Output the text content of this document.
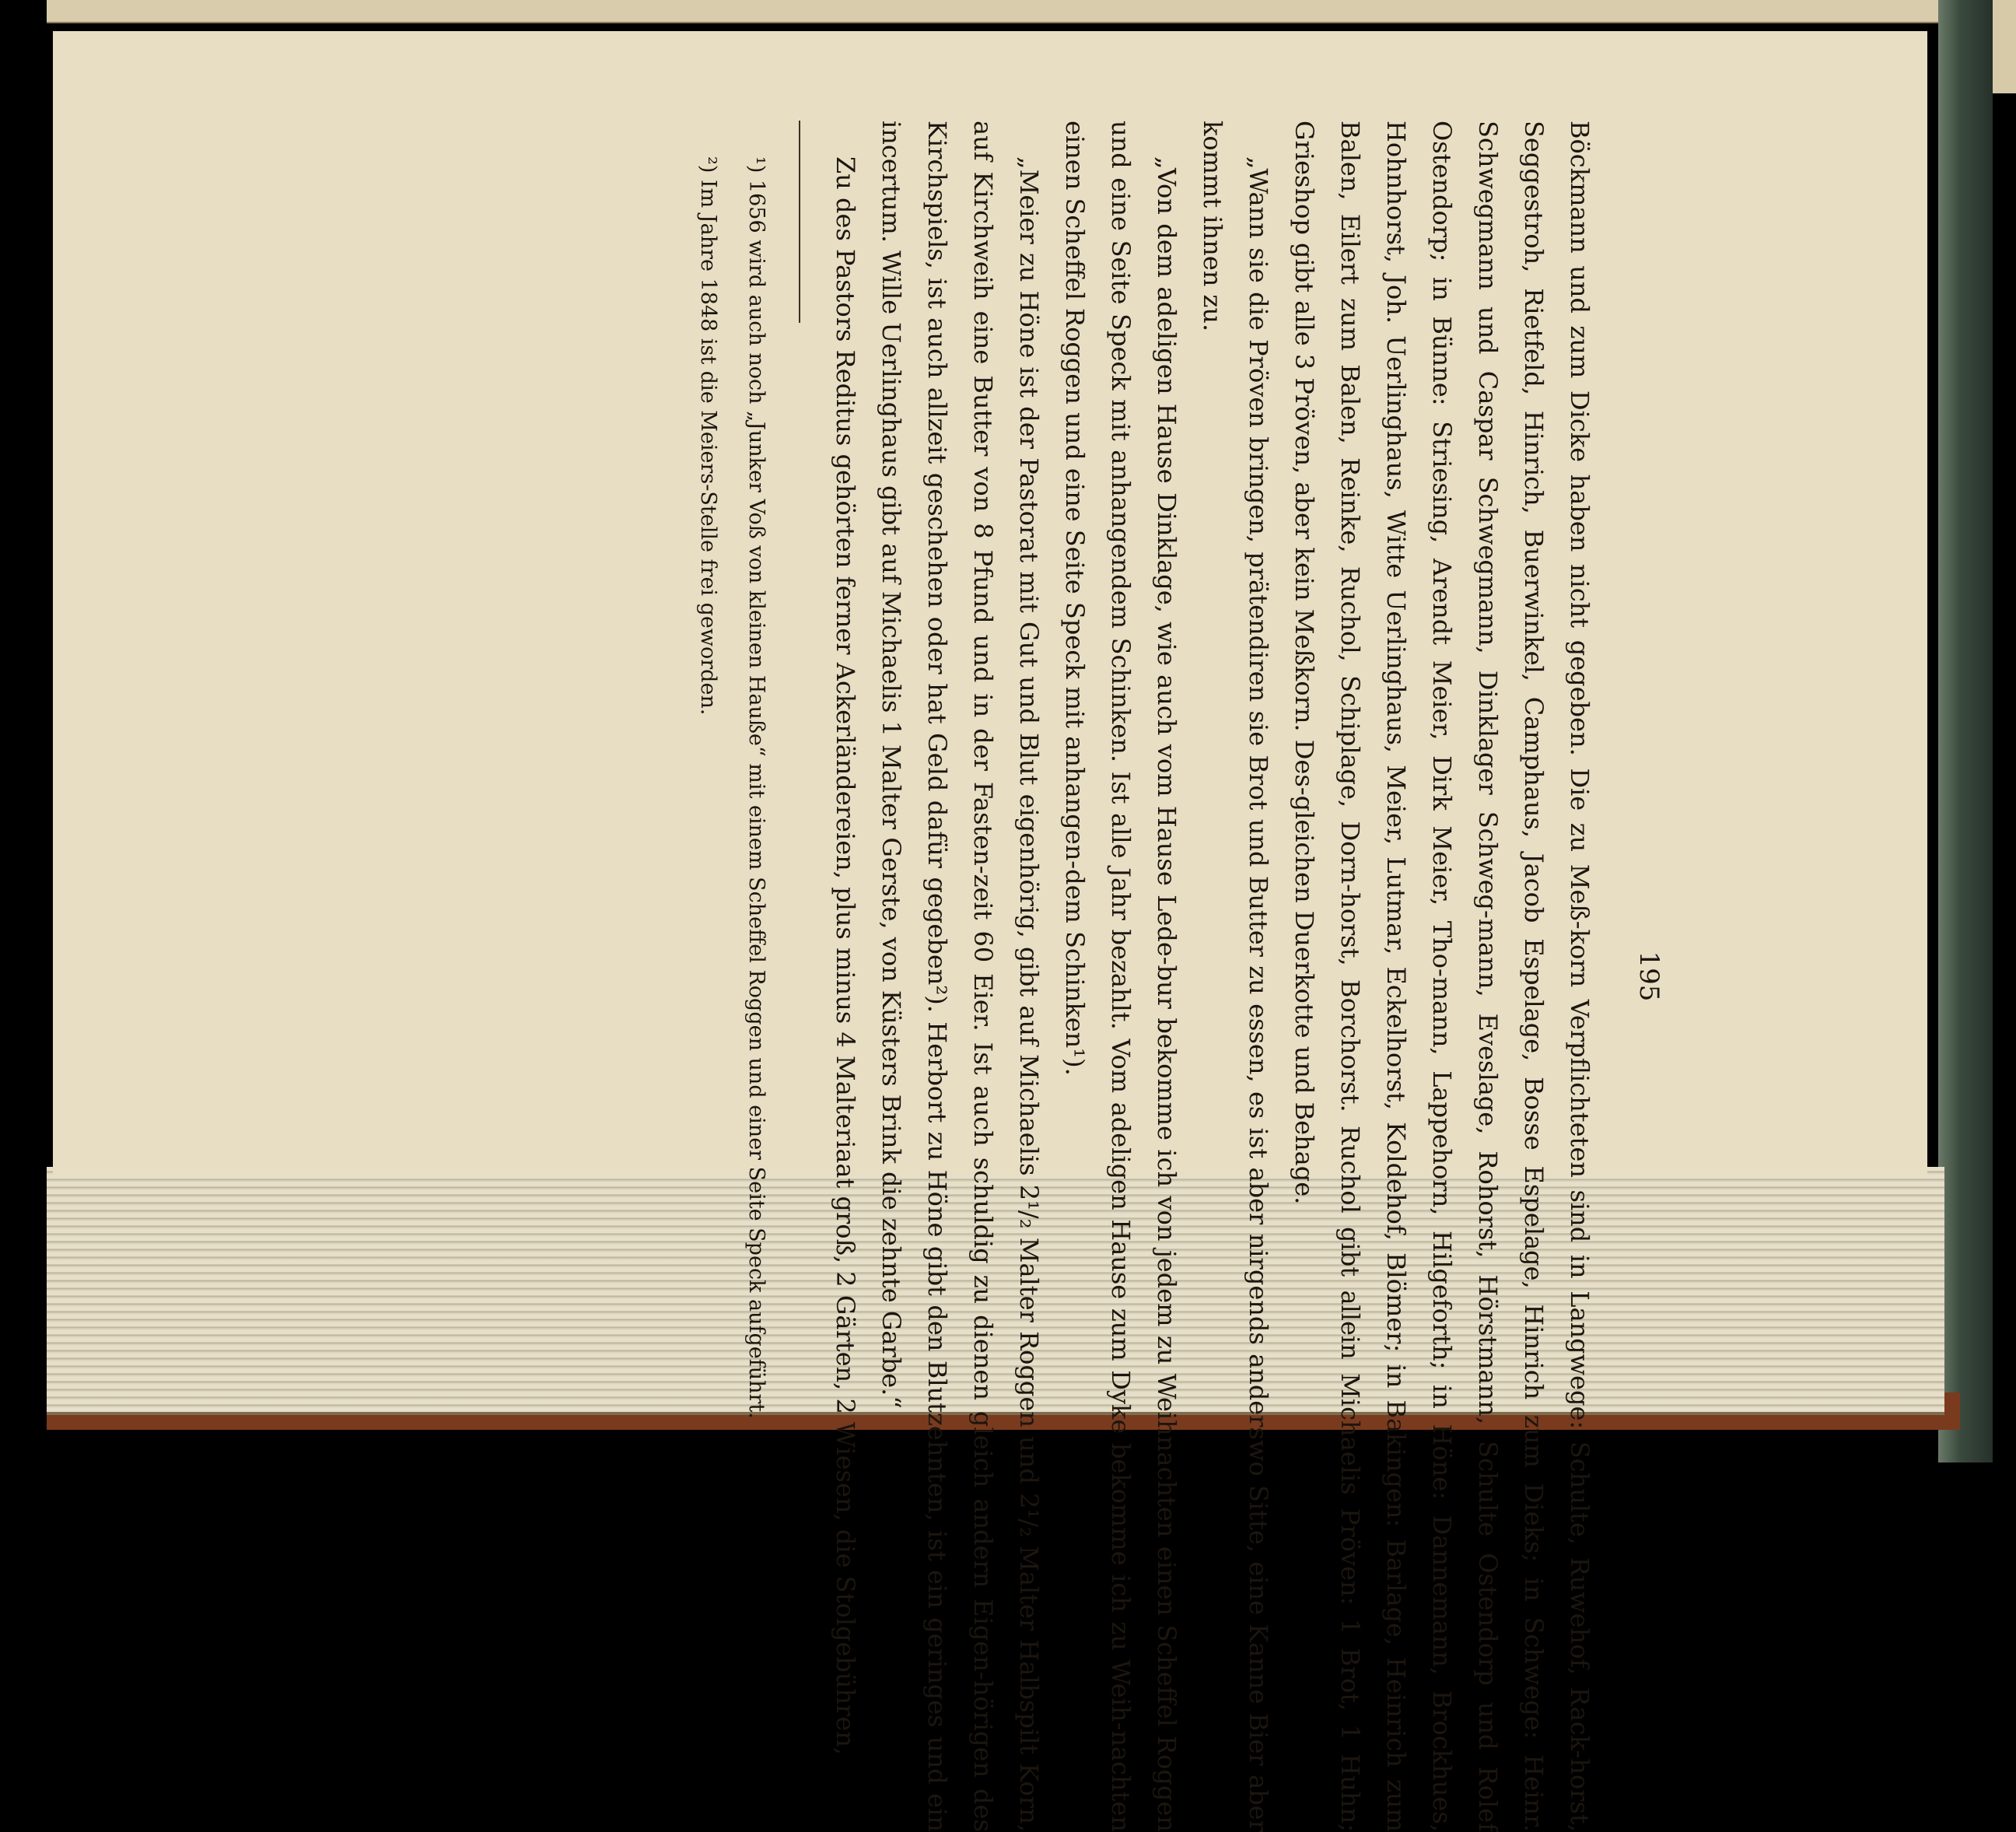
195

Böckmann und zum Dicke haben nicht gegeben. Die zu Meß-korn Verpflichteten sind in Langwege: Schulte, Ruwehof, Rack-horst, Seggestroh, Rietfeld, Hinrich, Buerwinkel, Camphaus, Jacob Espelage, Bosse Espelage, Hinrich zum Dieks; in Schwege: Heinr. Schwegmann und Caspar Schwegmann, Dinklager Schweg-mann, Eveslage, Rohorst, Hörstmann, Schulte Ostendorp und Rolef Ostendorp; in Bünne: Striesing, Arendt Meier, Dirk Meier, Tho-mann, Lappehorn, Hilgeforth; in Höne: Dannemann, Brockhues, Hohnhorst, Joh. Uerlinghaus, Witte Uerlinghaus, Meier, Lutmar, Eckelhorst, Koldehof, Blömer; in Bakingen: Barlage, Heinrich zum Balen, Eilert zum Balen, Reinke, Ruchol, Schiplage, Dorn-horst, Borchorst. Ruchol gibt allein Michaelis Pröven: 1 Brot, 1 Huhn; Grieshop gibt alle 3 Pröven, aber kein Meßkorn. Des-gleichen Duerkotte und Behage.

„Wann sie die Pröven bringen, prätendiren sie Brot und Butter zu essen, es ist aber nirgends anderswo Sitte, eine Kanne Bier aber kommt ihnen zu.

„Von dem adeligen Hause Dinklage, wie auch vom Hause Lede-bur bekomme ich von jedem zu Weihnachten einen Scheffel Roggen und eine Seite Speck mit anhangendem Schinken. Ist alle Jahr bezahlt. Vom adeligen Hause zum Dyke bekomme ich zu Weih-nachten einen Scheffel Roggen und eine Seite Speck mit anhangen-dem Schinken¹).

„Meier zu Höne ist der Pastorat mit Gut und Blut eigenhörig, gibt auf Michaelis 2¹/₂ Malter Roggen und 2¹/₂ Malter Halbspilt Korn, auf Kirchweih eine Butter von 8 Pfund und in der Fasten-zeit 60 Eier. Ist auch schuldig zu dienen gleich andern Eigen-hörigen des Kirchspiels, ist auch allzeit geschehen oder hat Geld dafür gegeben²). Herbort zu Höne gibt den Blutzehnten, ist ein geringes und ein incertum. Wille Uerlinghaus gibt auf Michaelis 1 Malter Gerste, von Küsters Brink die zehnte Garbe.“

Zu des Pastors Reditus gehörten ferner Ackerländereien, plus minus 4 Malteriaat groß, 2 Gärten, 2 Wiesen, die Stolgebühren,

¹) 1656 wird auch noch „Junker Voß von kleinen Hauße“ mit einem Scheffel Roggen und einer Seite Speck aufgeführt.

²) Im Jahre 1848 ist die Meiers-Stelle frei geworden.
